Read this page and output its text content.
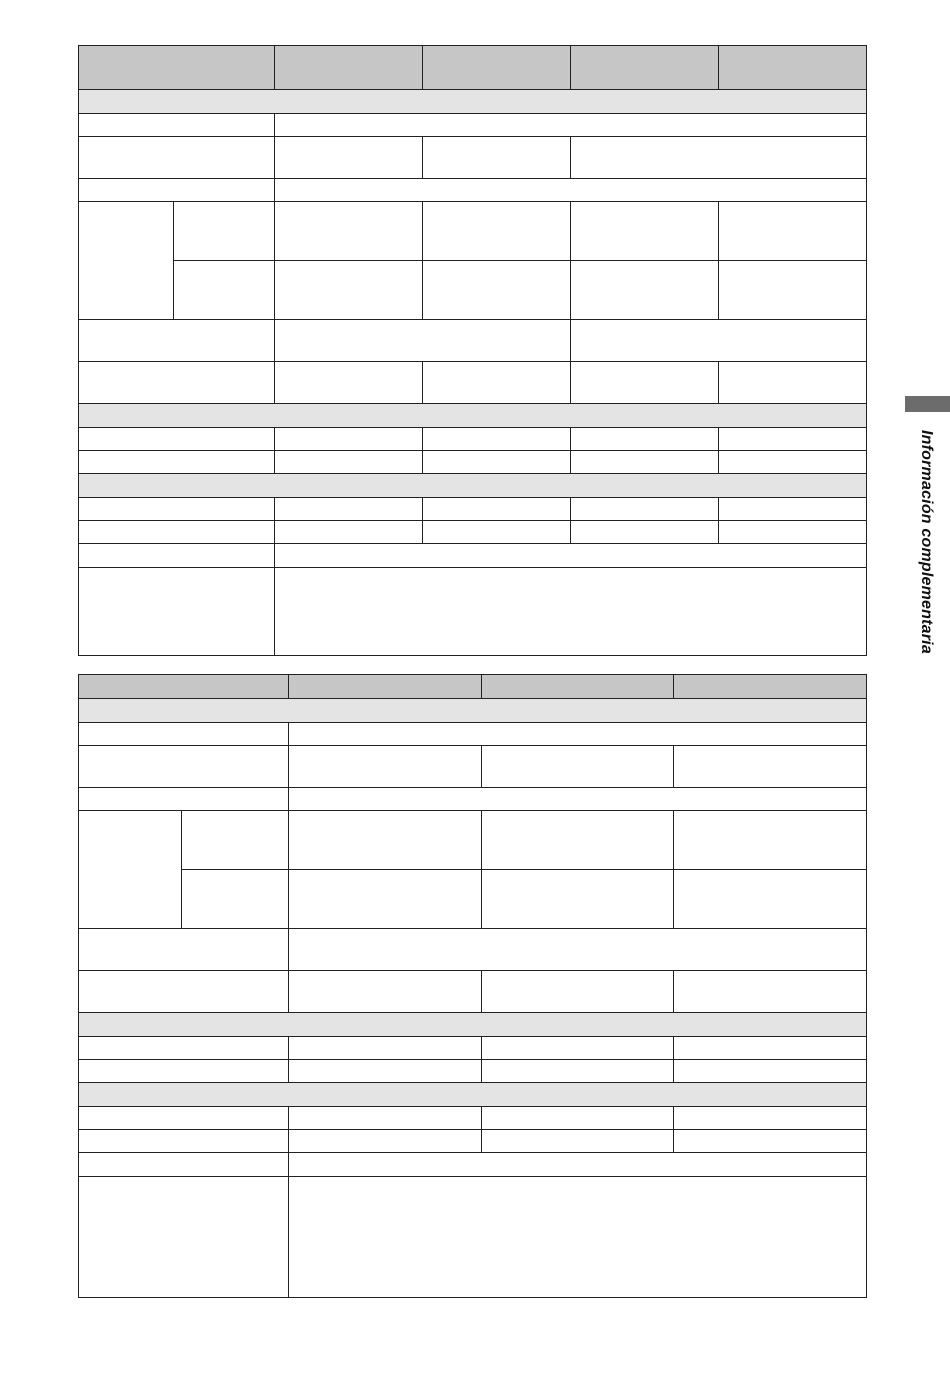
Información complementaria
